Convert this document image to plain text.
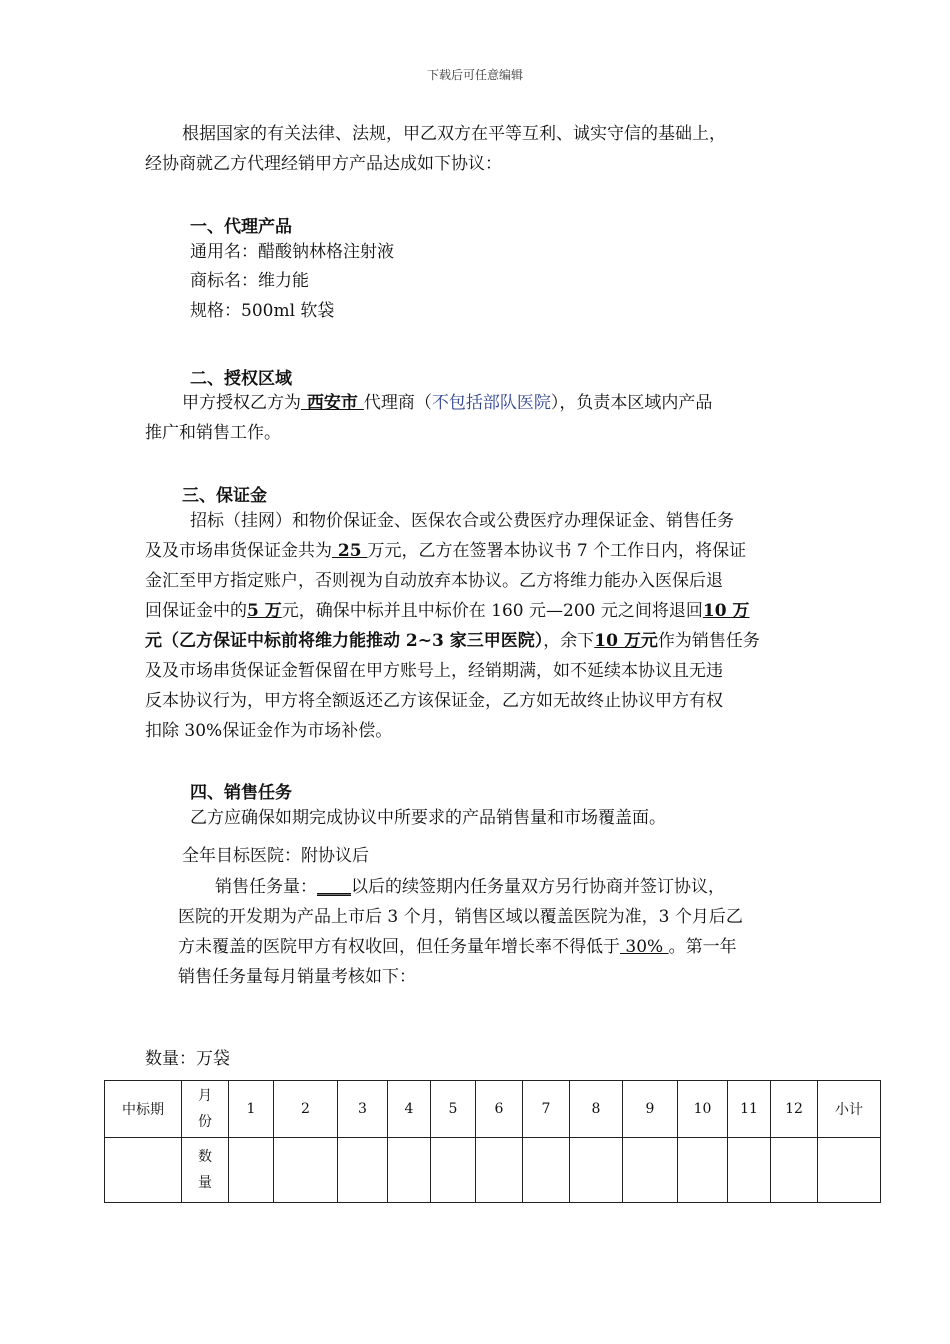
下载后可任意编辑
根据国家的有关法律、法规，甲乙双方在平等互利、诚实守信的基础上，
经协商就乙方代理经销甲方产品达成如下协议：
一、代理产品
通用名：醋酸钠林格注射液
商标名：维力能
规格：500ml 软袋
二、授权区域
甲方授权乙方为 西安市 代理商（不包括部队医院），负责本区域内产品
推广和销售工作。
三、保证金
招标（挂网）和物价保证金、医保农合或公费医疗办理保证金、销售任务
及及市场串货保证金共为 25 万元，乙方在签署本协议书 7 个工作日内，将保证
金汇至甲方指定账户，否则视为自动放弃本协议。乙方将维力能办入医保后退
回保证金中的5 万元，确保中标并且中标价在 160 元—200 元之间将退回10 万
元（乙方保证中标前将维力能推动 2~3 家三甲医院），余下10 万元作为销售任务
及及市场串货保证金暂保留在甲方账号上，经销期满，如不延续本协议且无违
反本协议行为，甲方将全额返还乙方该保证金，乙方如无故终止协议甲方有权
扣除 30%保证金作为市场补偿。
四、销售任务
乙方应确保如期完成协议中所要求的产品销售量和市场覆盖面。
全年目标医院：附协议后
销售任务量：____以后的续签期内任务量双方另行协商并签订协议，
医院的开发期为产品上市后 3 个月，销售区域以覆盖医院为准，3 个月后乙
方未覆盖的医院甲方有权收回，但任务量年增长率不得低于 30% 。第一年
销售任务量每月销量考核如下：
数量：万袋
中标期	月份	1	2	3	4	5	6	7	8	9	10	11	12	小计
	数量													
